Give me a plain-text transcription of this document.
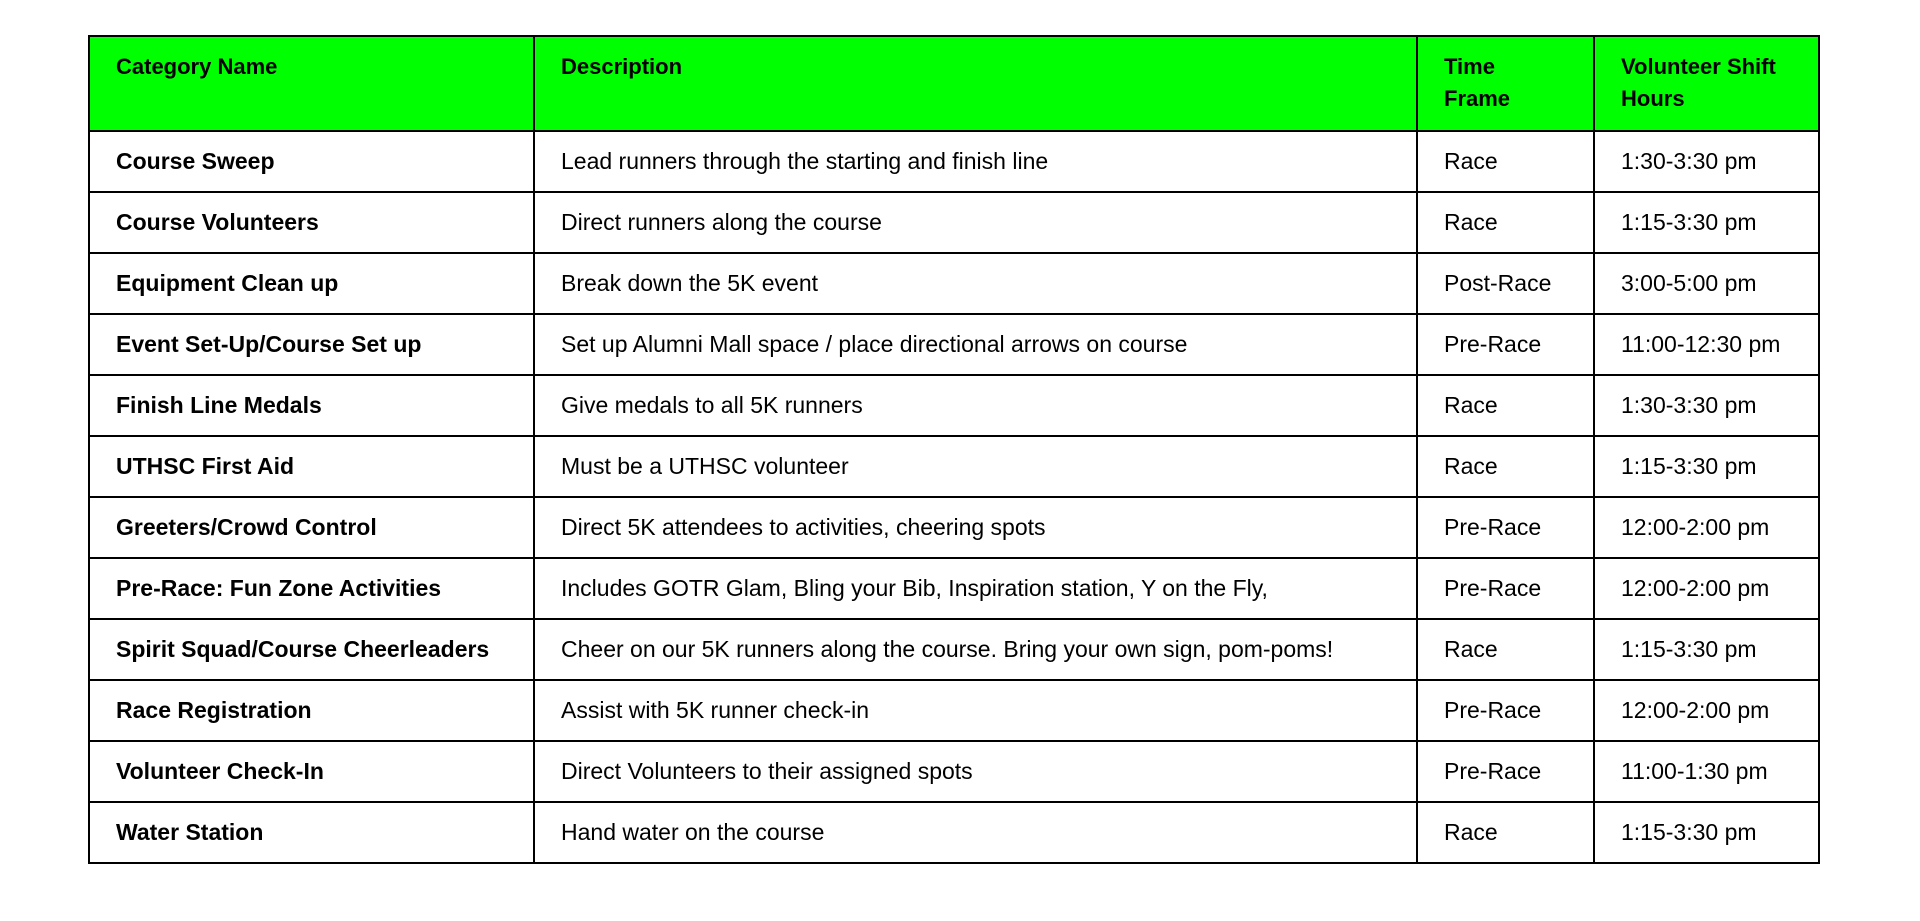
Category Name	Description	Time Frame	Volunteer Shift Hours
Course Sweep	Lead runners through the starting and finish line	Race	1:30-3:30 pm
Course Volunteers	Direct runners along the course	Race	1:15-3:30 pm
Equipment Clean up	Break down the 5K event	Post-Race	3:00-5:00 pm
Event Set-Up/Course Set up	Set up Alumni Mall space / place directional arrows on course	Pre-Race	11:00-12:30 pm
Finish Line Medals	Give medals to all 5K runners	Race	1:30-3:30 pm
UTHSC First Aid	Must be a UTHSC volunteer	Race	1:15-3:30 pm
Greeters/Crowd Control	Direct 5K attendees to activities, cheering spots	Pre-Race	12:00-2:00 pm
Pre-Race: Fun Zone Activities	Includes GOTR Glam, Bling your Bib, Inspiration station, Y on the Fly,	Pre-Race	12:00-2:00 pm
Spirit Squad/Course Cheerleaders	Cheer on our 5K runners along the course. Bring your own sign, pom-poms!	Race	1:15-3:30 pm
Race Registration	Assist with 5K runner check-in	Pre-Race	12:00-2:00 pm
Volunteer Check-In	Direct Volunteers to their assigned spots	Pre-Race	11:00-1:30 pm
Water Station	Hand water on the course	Race	1:15-3:30 pm
